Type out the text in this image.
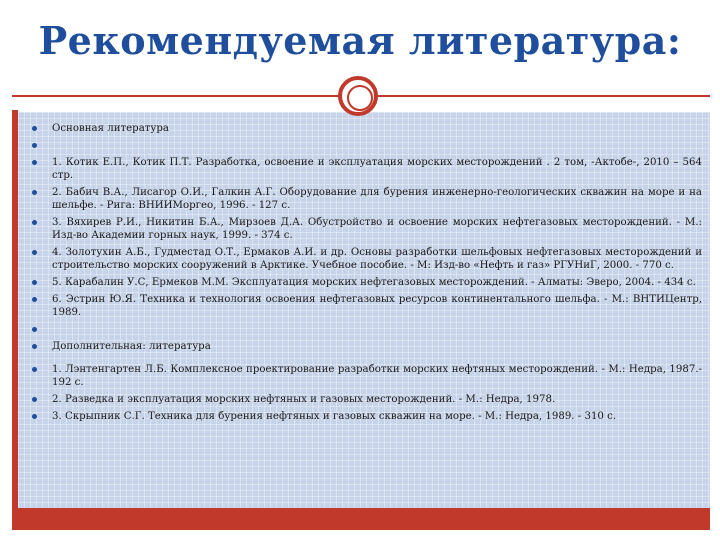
Рекомендуемая литература:
Основная литература
1. Котик Е.П., Котик П.Т. Разработка, освоение и эксплуатация морских месторождений . 2 том, -Актобе-, 2010 – 564 стр.
2. Бабич В.А., Лисагор О.И., Галкин А.Г. Оборудование для бурения инженерно-геологических скважин на море и на шельфе. - Рига: ВНИИМоргео, 1996. - 127 с.
3. Вяхирев Р.И., Никитин Б.А., Мирзоев Д.А. Обустройство и освоение морских нефтегазовых месторождений. - М.: Изд-во Академии горных наук, 1999. - 374 с.
4. Золотухин А.Б., Гудместад О.Т., Ермаков А.И. и др. Основы разработки шельфовых нефтегазовых месторождений и строительство морских сооружений в Арктике. Учебное пособие. - М: Изд-во «Нефть и газ» РГУНиГ, 2000. - 770 с.
5. Карабалин У.С, Ермеков М.М. Эксплуатация морских нефтегазовых месторождений. - Алматы: Эверо, 2004. - 434 с.
6. Эстрин Ю.Я. Техника и технология освоения нефтегазовых ресурсов континентального шельфа. - М.: ВНТИЦентр, 1989.
Дополнительная: литература
1. Лэнтенгартен Л.Б. Комплексное проектирование разработки морских нефтяных месторождений. - М.: Недра, 1987.- 192 с.
2. Разведка и эксплуатация морских нефтяных и газовых месторождений. - М.: Недра, 1978.
3. Скрыпник С.Г. Техника для бурения нефтяных и газовых скважин на море. - М.: Недра, 1989. - 310 с.
